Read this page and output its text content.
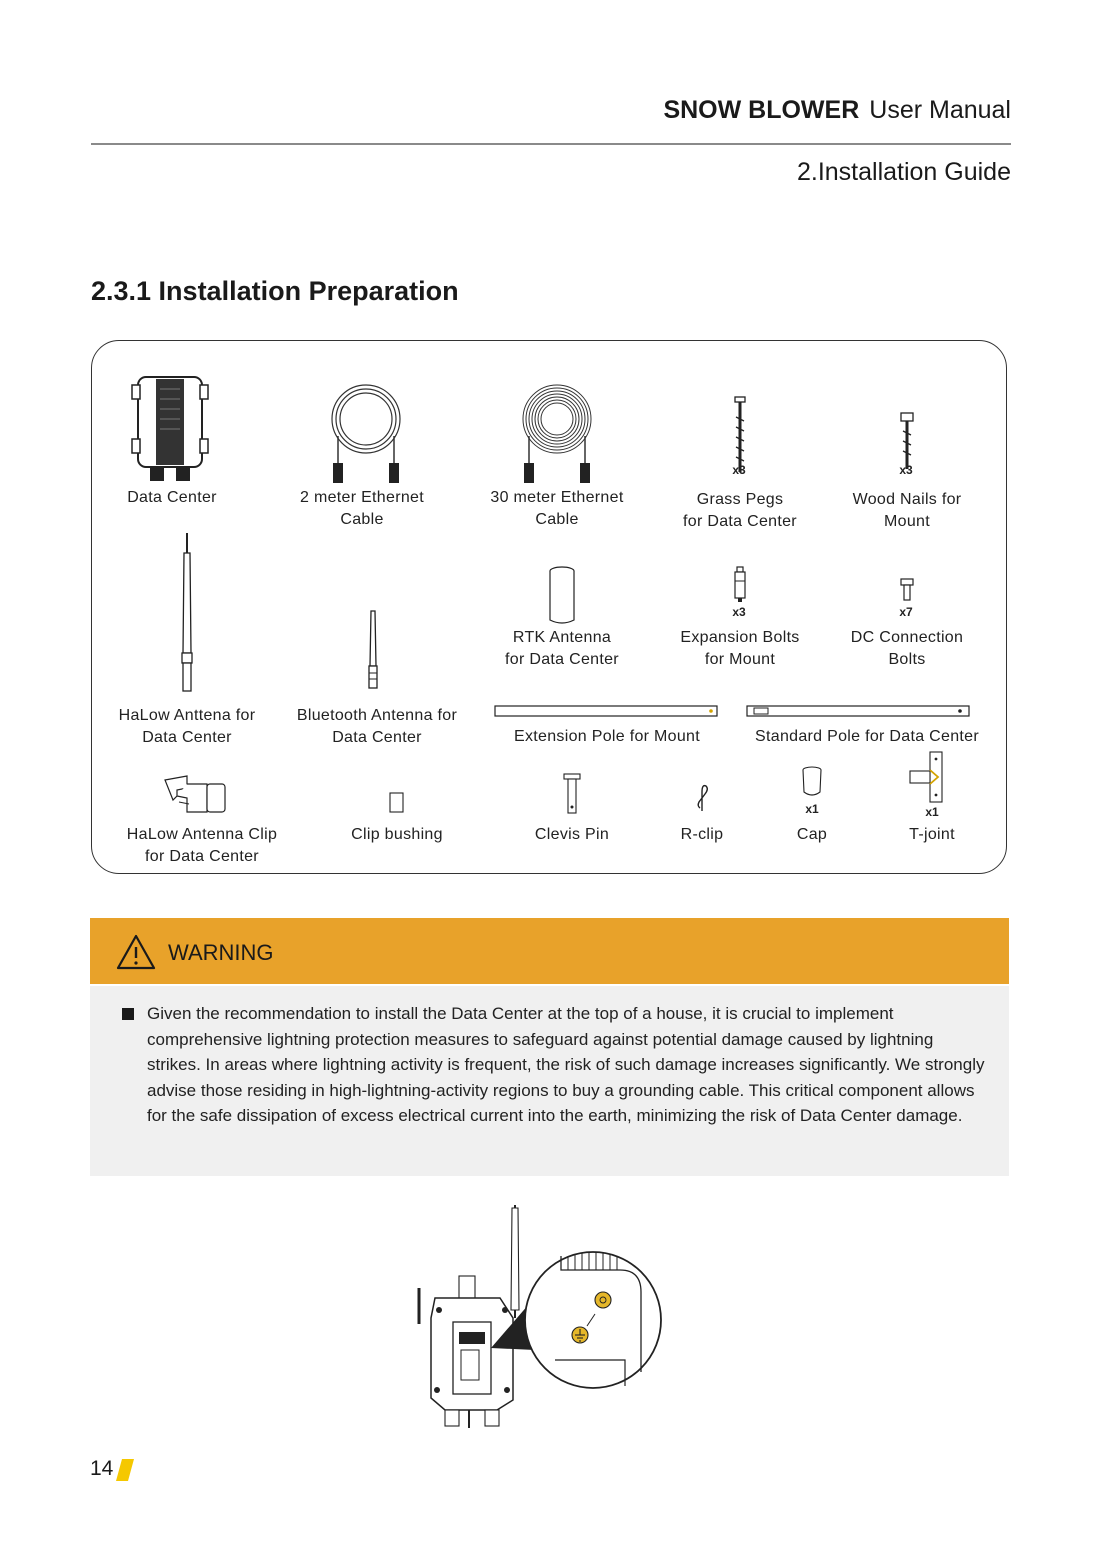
SNOW BLOWER User Manual
2.Installation Guide
2.3.1 Installation Preparation
Data Center	2 meter Ethernet
Cable
30 meter Ethernet
Cable
x3
Grass Pegs
for Data Center
x3
Wood Nails for
Mount
HaLow Anttena for
Data Center
Bluetooth Antenna for
Data Center
RTK Antenna
for Data Center
x3
Expansion Bolts
for Mount
x7
DC Connection
Bolts
Extension Pole for Mount	Standard Pole for Data Center
HaLow Antenna Clip
for Data Center
Clip bushing	Clevis Pin	R-clip
x1
Cap
x1
T-joint
WARNING
Given the recommendation to install the Data Center at the top of a house, it is crucial to implement comprehensive lightning protection measures to safeguard against potential damage caused by lightning strikes. In areas where lightning activity is frequent, the risk of such damage increases significantly. We strongly advise those residing in high-lightning-activity regions to buy a grounding cable. This critical component allows for the safe dissipation of excess electrical current into the earth, minimizing the risk of Data Center damage.
14
